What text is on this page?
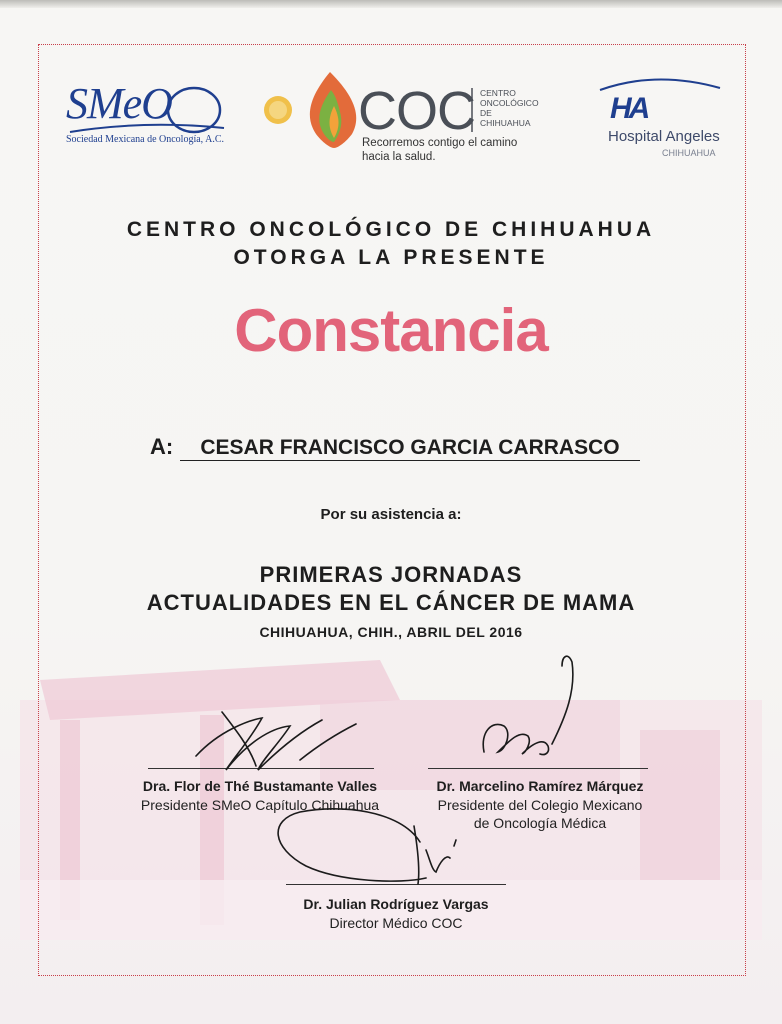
SMeO
Sociedad Mexicana de Oncología, A.C. COC CENTRO
ONCOLÓGICO
DE
CHIHUAHUA
Recorremos contigo el camino
hacia la salud.
HA
Hospital Angeles
CHIHUAHUA
CENTRO ONCOLÓGICO DE CHIHUAHUA
OTORGA LA PRESENTE
Constancia
A:	CESAR FRANCISCO GARCIA CARRASCO
Por su asistencia a:
PRIMERAS JORNADAS
ACTUALIDADES EN EL CÁNCER DE MAMA
CHIHUAHUA, CHIH., ABRIL DEL 2016
Dra. Flor de Thé Bustamante Valles
Presidente SMeO Capítulo Chihuahua
Dr. Marcelino Ramírez Márquez
Presidente del Colegio Mexicano
de Oncología Médica
Dr. Julian Rodríguez Vargas
Director Médico COC
